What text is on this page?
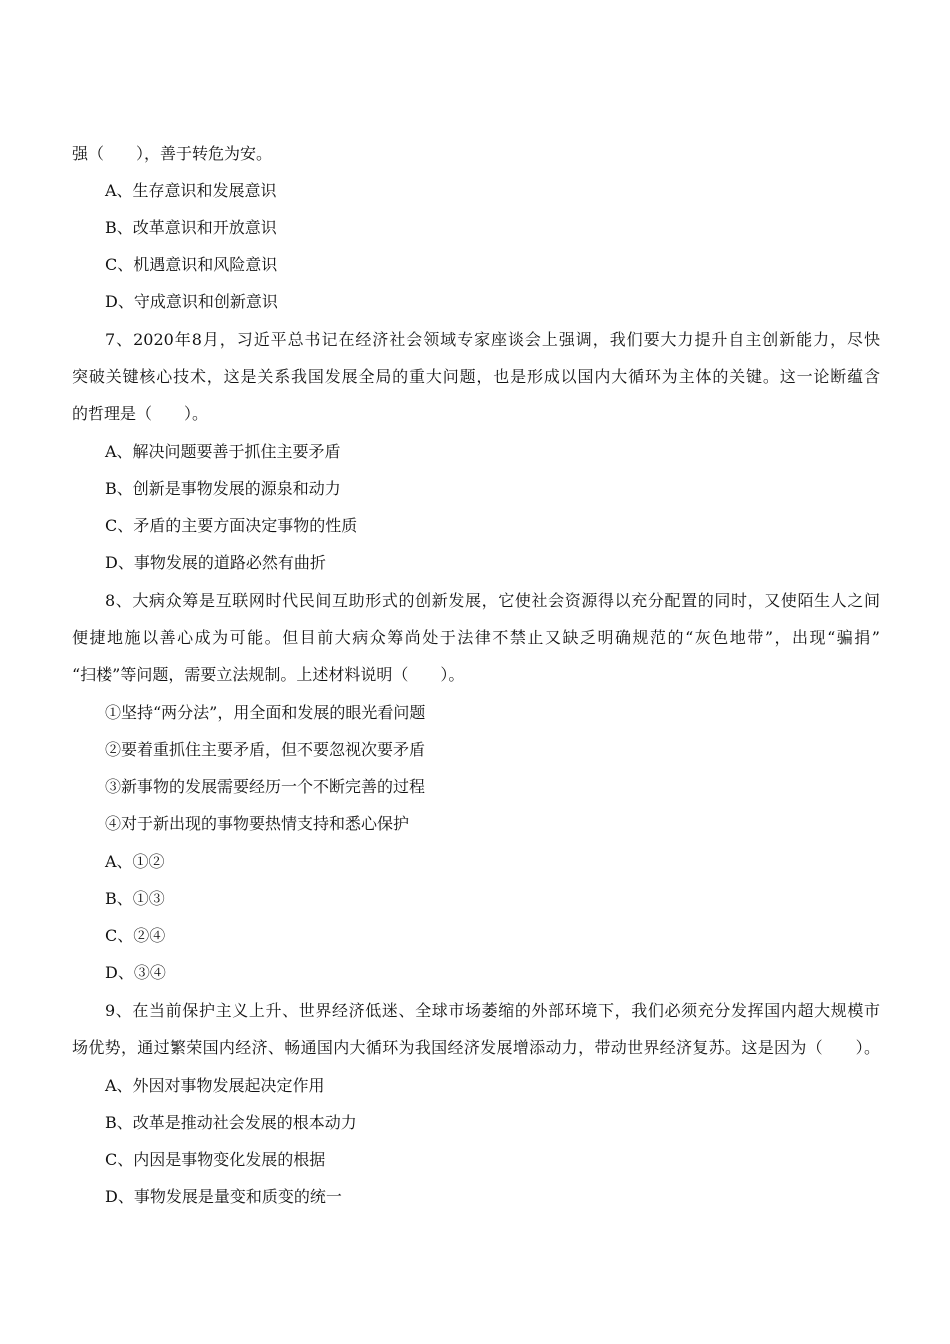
强（　　），善于转危为安。

A、生存意识和发展意识

B、改革意识和开放意识

C、机遇意识和风险意识

D、守成意识和创新意识

7、2020年8月，习近平总书记在经济社会领域专家座谈会上强调，我们要大力提升自主创新能力，尽快

突破关键核心技术，这是关系我国发展全局的重大问题，也是形成以国内大循环为主体的关键。这一论断蕴含

的哲理是（　　）。

A、解决问题要善于抓住主要矛盾

B、创新是事物发展的源泉和动力

C、矛盾的主要方面决定事物的性质

D、事物发展的道路必然有曲折

8、大病众筹是互联网时代民间互助形式的创新发展，它使社会资源得以充分配置的同时，又使陌生人之间

便捷地施以善心成为可能。但目前大病众筹尚处于法律不禁止又缺乏明确规范的“灰色地带”，出现“骗捐”

“扫楼”等问题，需要立法规制。上述材料说明（　　）。

①坚持“两分法”，用全面和发展的眼光看问题

②要着重抓住主要矛盾，但不要忽视次要矛盾

③新事物的发展需要经历一个不断完善的过程

④对于新出现的事物要热情支持和悉心保护

A、①②

B、①③

C、②④

D、③④

9、在当前保护主义上升、世界经济低迷、全球市场萎缩的外部环境下，我们必须充分发挥国内超大规模市

场优势，通过繁荣国内经济、畅通国内大循环为我国经济发展增添动力，带动世界经济复苏。这是因为（　　）。

A、外因对事物发展起决定作用

B、改革是推动社会发展的根本动力

C、内因是事物变化发展的根据

D、事物发展是量变和质变的统一
